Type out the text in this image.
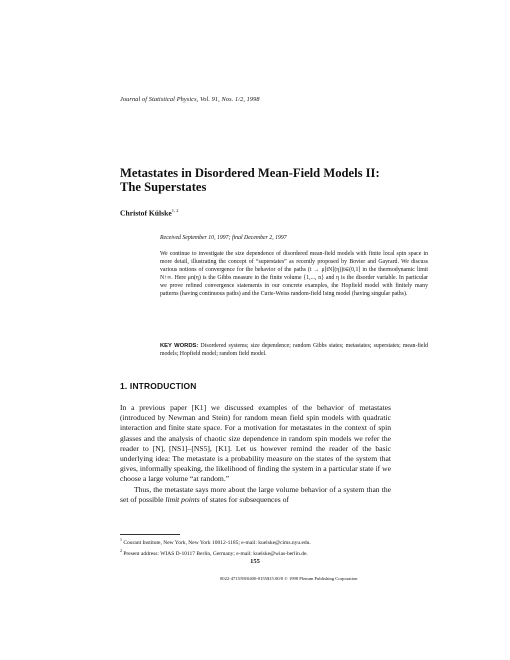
Journal of Statistical Physics, Vol. 91, Nos. 1/2, 1998
Metastates in Disordered Mean-Field Models II:
The Superstates
Christof Külske$^{1, 2}$
Received September 10, 1997; final December 2, 1997
We continue to investigate the size dependence of disordered mean-field models with finite local spin space in more detail, illustrating the concept of “superstates” as recently proposed by Bovier and Gayrard. We discuss various notions of convergence for the behavior of the paths (t → μ[tN](η))t∈(0,1] in the thermodynamic limit N↑∞. Here μn(η) is the Gibbs measure in the finite volume {1,..., n} and η is the disorder variable. In particular we prove refined convergence statements in our concrete examples, the Hopfield model with finitely many patterns (having continuous paths) and the Curie-Weiss random-field Ising model (having singular paths).
KEY WORDS: Disordered systems; size dependence; random Gibbs states; metastates; superstates; mean-field models; Hopfield model; random field model.
1. INTRODUCTION

In a previous paper [K1] we discussed examples of the behavior of metastates (introduced by Newman and Stein) for random mean field spin models with quadratic interaction and finite state space. For a motivation for metastates in the context of spin glasses and the analysis of chaotic size dependence in random spin models we refer the reader to [N], [NS1]–[NS5], [K1]. Let us however remind the reader of the basic underlying idea: The metastate is a probability measure on the states of the system that gives, informally speaking, the likelihood of finding the system in a particular state if we choose a large volume “at random.”

Thus, the metastate says more about the large volume behavior of a system than the set of possible limit points of states for subsequences of

$^1$ Courant Institute, New York, New York 10012-1185; e-mail: kuelske@cims.nyu.edu.
$^2$ Present address: WIAS D-10117 Berlin, Germany; e-mail: kuelske@wias-berlin.de.
155
0022-4715/98/0400-0155$15.00/0 © 1998 Plenum Publishing Corporation
